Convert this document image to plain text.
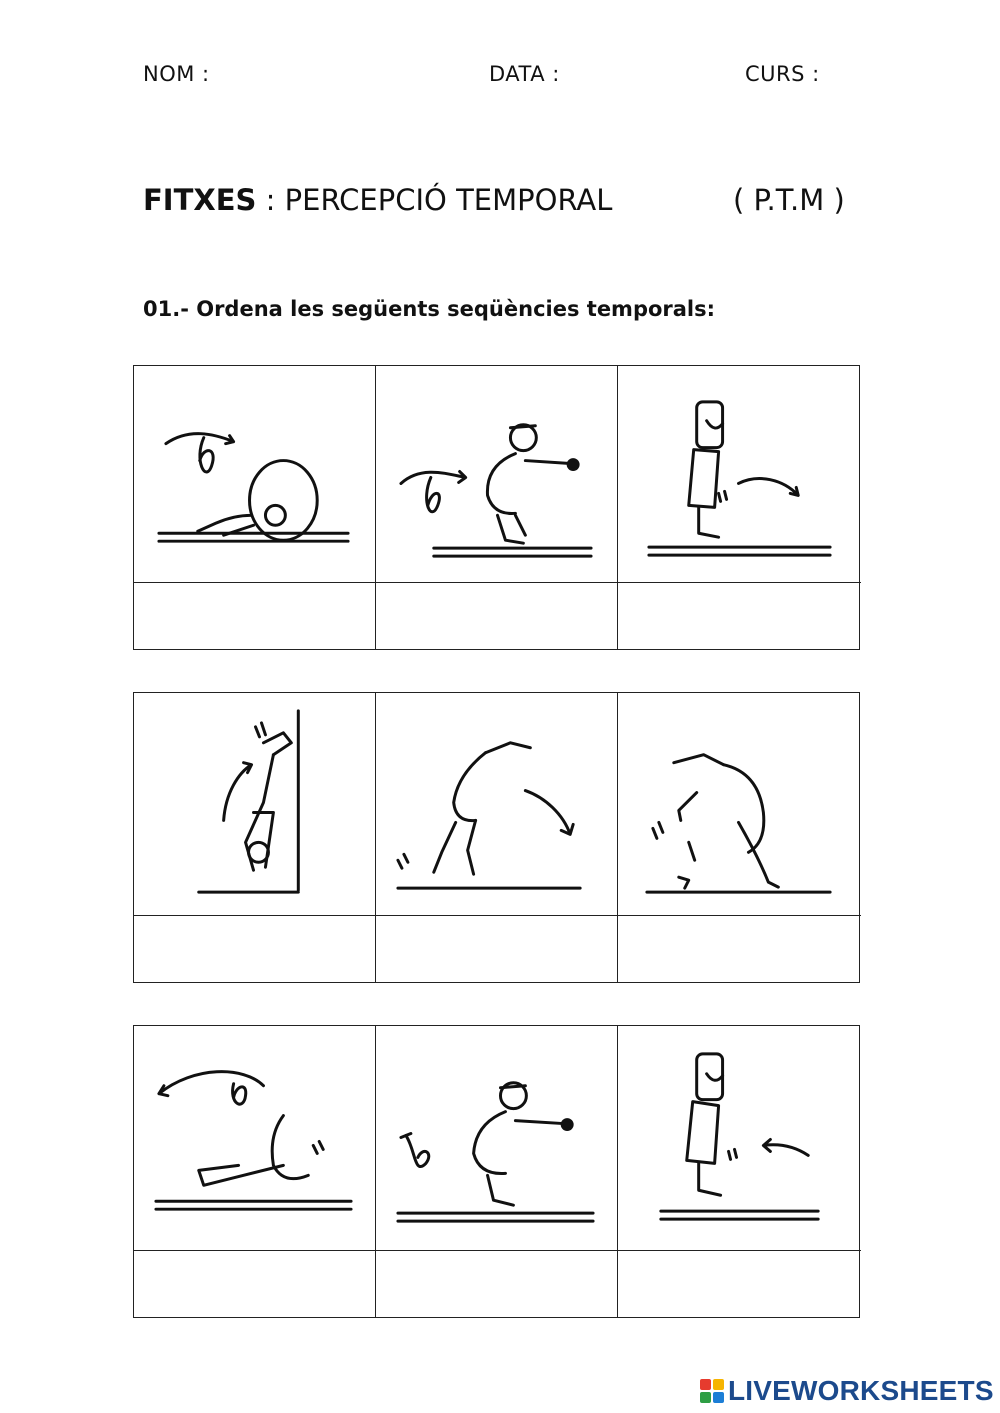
NOM :	DATA :	CURS :
FITXES : PERCEPCIÓ TEMPORAL	( P.T.M )
01.- Ordena les següents seqüències temporals:
LIVEWORKSHEETS
